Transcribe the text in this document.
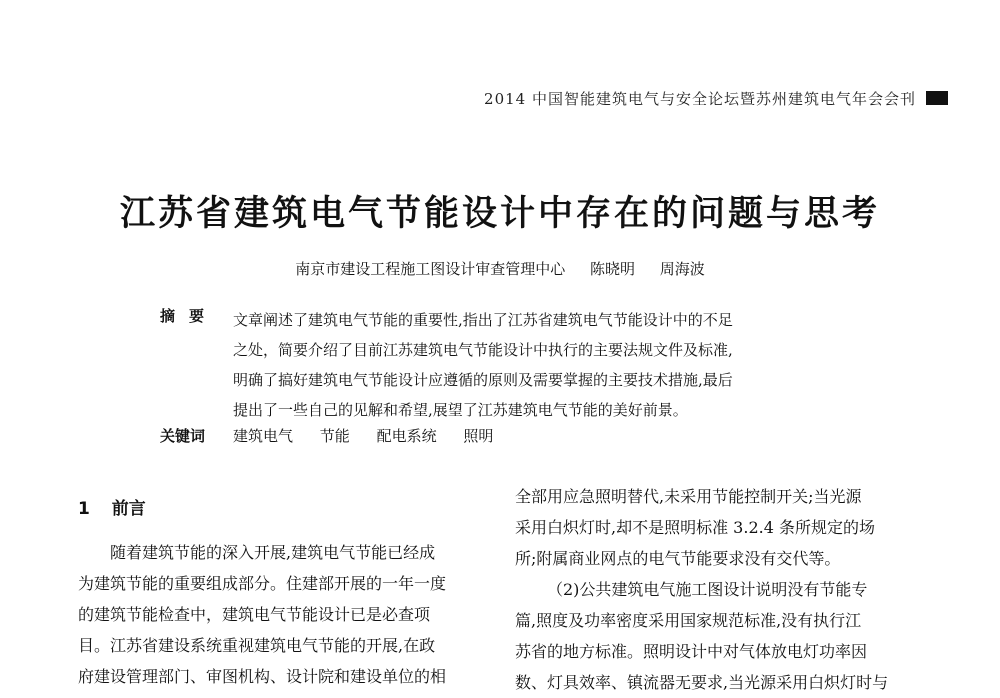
2014 中国智能建筑电气与安全论坛暨苏州建筑电气年会会刊
江苏省建筑电气节能设计中存在的问题与思考
南京市建设工程施工图设计审查管理中心 陈晓明 周海波
摘要 文章阐述了建筑电气节能的重要性,指出了江苏省建筑电气节能设计中的不足
之处，简要介绍了目前江苏建筑电气节能设计中执行的主要法规文件及标准,
明确了搞好建筑电气节能设计应遵循的原则及需要掌握的主要技术措施,最后
提出了一些自己的见解和希望,展望了江苏建筑电气节能的美好前景。
关键词 建筑电气 节能 配电系统 照明
1 前言
随着建筑节能的深入开展,建筑电气节能已经成
为建筑节能的重要组成部分。住建部开展的一年一度
的建筑节能检查中，建筑电气节能设计已是必查项
目。江苏省建设系统重视建筑电气节能的开展,在政
府建设管理部门、审图机构、设计院和建设单位的相
全部用应急照明替代,未采用节能控制开关;当光源
采用白炽灯时,却不是照明标准 3.2.4 条所规定的场
所;附属商业网点的电气节能要求没有交代等。
（2)公共建筑电气施工图设计说明没有节能专
篇,照度及功率密度采用国家规范标准,没有执行江
苏省的地方标准。照明设计中对气体放电灯功率因
数、灯具效率、镇流器无要求,当光源采用白炽灯时与
